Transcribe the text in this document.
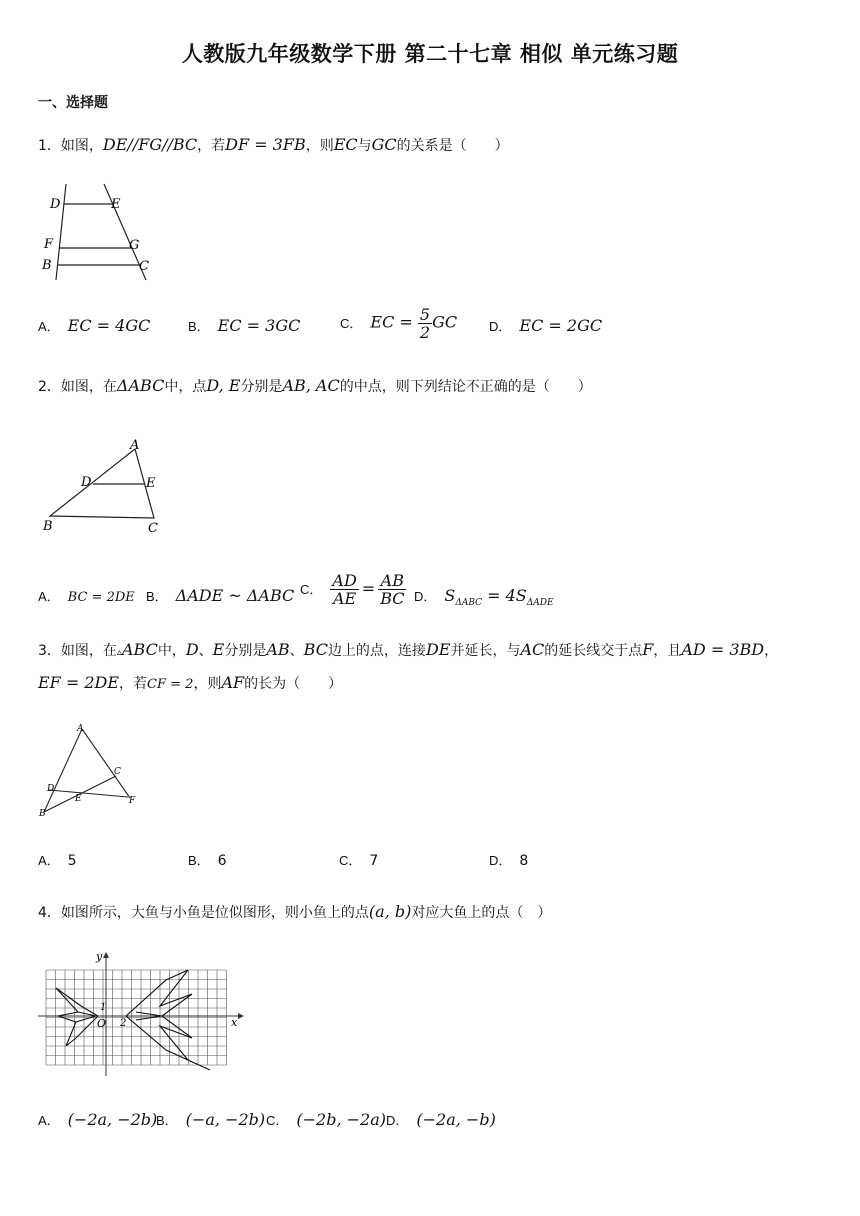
人教版九年级数学下册 第二十七章 相似 单元练习题
一、选择题
1．如图，DE//FG//BC，若DF = 3FB，则EC与GC的关系是（　　）
D	E
F	G
B	C
A． EC = 4GC	B． EC = 3GC	C． EC = $\frac{5}{2}$ GC D． EC = 2GC
2．如图，在ΔABC中，点D, E分别是AB, AC的中点，则下列结论不正确的是（　　）
A
D	E
B	C
A． BC = 2DE B． ΔADE ~ ΔABC C． $\frac{AD}{AE} = \frac{AB}{BC}$ D． $S_{\Delta ABC} = 4S_{\Delta ADE}$
3．如图，在▵ABC中，D、E分别是AB、BC边上的点，连接DE并延长，与AC的延长线交于点F，且AD = 3BD，
EF = 2DE，若CF = 2，则AF的长为（　　）
A
C
D
E	F
B
A． 5	B． 6	C． 7	D． 8
4．如图所示，大鱼与小鱼是位似图形，则小鱼上的点(a, b)对应大鱼上的点（　）
y
x
O
1
2
A． (−2a, −2b)
B． (−a, −2b) C． (−2b, −2a) D． (−2a, −b)
